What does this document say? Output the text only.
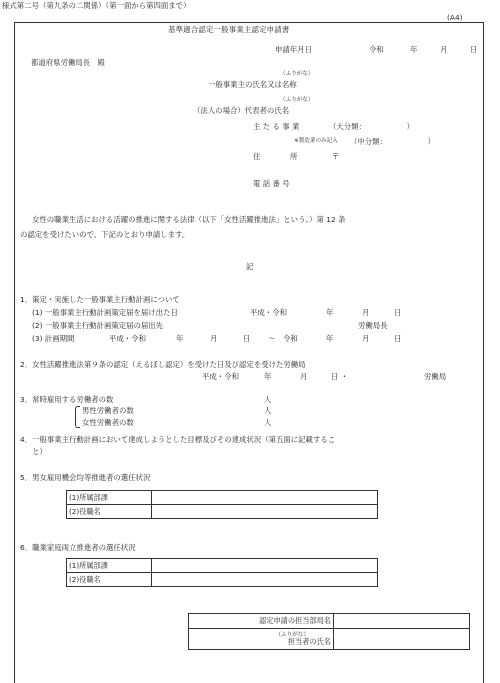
様式第二号（第九条の二関係）（第一面から第四面まで）
(A4)
基準適合認定一般事業主認定申請書
申請年月日	令和	年	月	日
都道府県労働局長　殿
（ふりがな）
一般事業主の氏名又は名称
（ふりがな）
（法人の場合）代表者の氏名
主 た る 事 業	（大分類：　　　　　　）
※製造業のみ記入 （中分類：　　　　　　）
住　　　　所	〒
電 話 番 号
女性の職業生活における活躍の推進に関する法律（以下「女性活躍推進法」という。）第 12 条
の認定を受けたいので、下記のとおり申請します。
記
1．策定・実施した一般事業主行動計画について
(1) 一般事業主行動計画策定届を届け出た日	平成・令和	年	月	日
(2) 一般事業主行動計画策定届の届出先	労働局長
(3) 計画期間	平成・令和	年	月	日 〜 令和	年	月	日
2．女性活躍推進法第９条の認定（えるぼし認定）を受けた日及び認定を受けた労働局
平成・令和	年	月	日 ・	労働局
3．常時雇用する労働者の数	人
男性労働者の数	人
女性労働者の数	人
4．一般事業主行動計画において達成しようとした目標及びその達成状況（第五面に記載するこ
と）
5．男女雇用機会均等推進者の選任状況
(1)所属部課	
(2)役職名	
6．職業家庭両立推進者の選任状況
(1)所属部課	
(2)役職名	
認定申請の担当部局名	

（ふりがな）
担当者の氏名	
